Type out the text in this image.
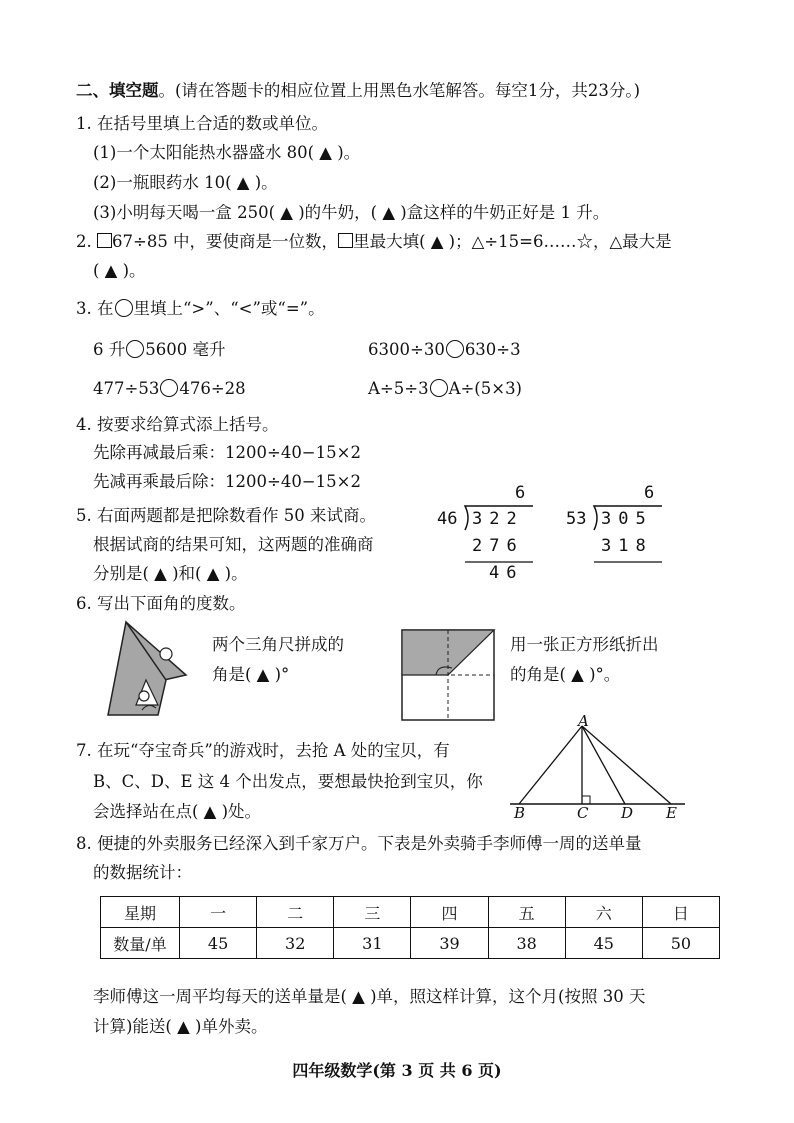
二、填空题。(请在答题卡的相应位置上用黑色水笔解答。每空1分，共23分。)
1. 在括号里填上合适的数或单位。
(1)一个太阳能热水器盛水 80( ▲ )。
(2)一瓶眼药水 10( ▲ )。
(3)小明每天喝一盒 250( ▲ )的牛奶，( ▲ )盒这样的牛奶正好是 1 升。
2. 67÷85 中，要使商是一位数， 里最大填( ▲ )；△÷15=6……☆，△最大是
( ▲ )。
3. 在 里填上“>”、“<”或“=”。
6 升 5600 毫升	6300÷30 630÷3
477÷53 476÷28	A÷5÷3 A÷(5×3)
4. 按要求给算式添上括号。
先除再减最后乘：1200÷40−15×2
先减再乘最后除：1200÷40−15×2
5. 右面两题都是把除数看作 50 来试商。
根据试商的结果可知，这两题的准确商
分别是( ▲ )和( ▲ )。
6
46 322
276
46
6
53 305
318
6. 写出下面角的度数。
两个三角尺拼成的
角是( ▲ )°
用一张正方形纸折出
的角是( ▲ )°。
7. 在玩“夺宝奇兵”的游戏时，去抢 A 处的宝贝，有
B、C、D、E 这 4 个出发点，要想最快抢到宝贝，你
会选择站在点( ▲ )处。
A
B	C D E
8. 便捷的外卖服务已经深入到千家万户。下表是外卖骑手李师傅一周的送单量
的数据统计：
星期	一	二	三	四	五	六	日
数量/单	45	32	31	39	38	45	50
李师傅这一周平均每天的送单量是( ▲ )单，照这样计算，这个月(按照 30 天
计算)能送( ▲ )单外卖。
四年级数学(第 3 页 共 6 页)
